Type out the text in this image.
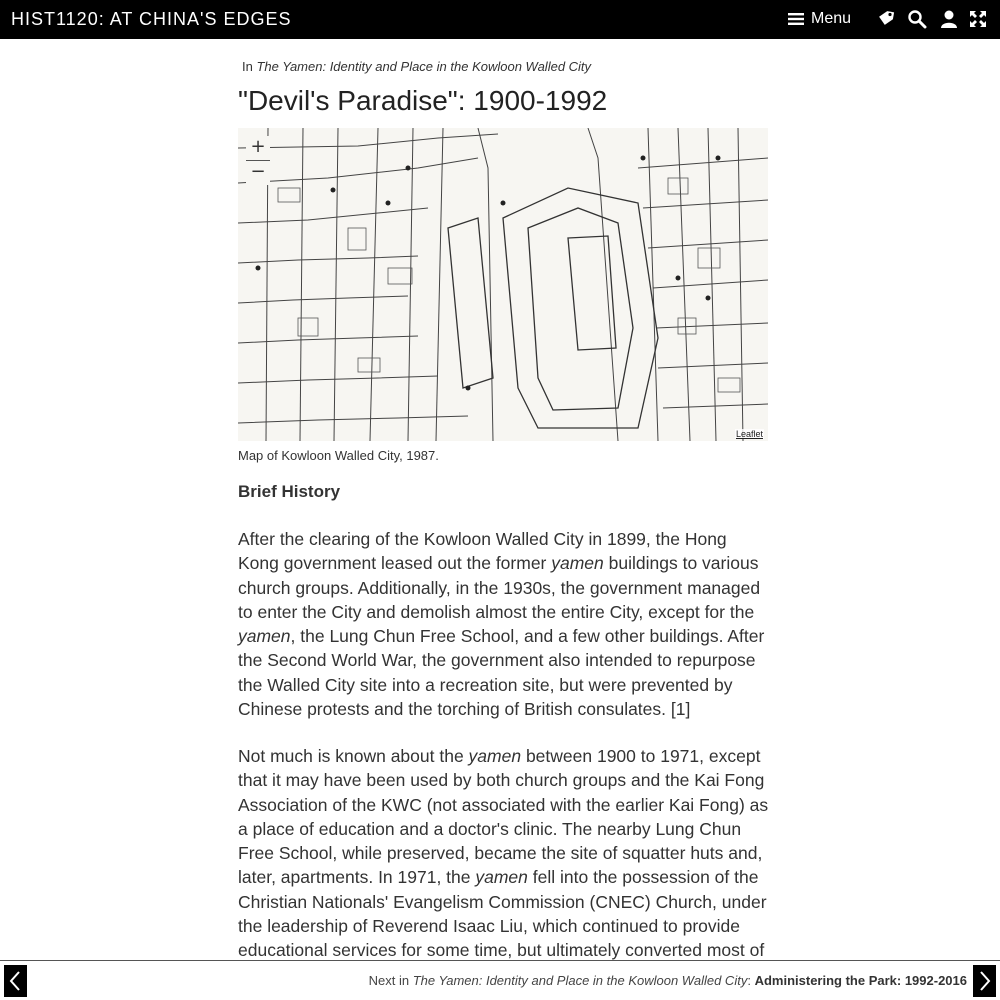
HIST1120: AT CHINA'S EDGES	Menu
In The Yamen: Identity and Place in the Kowloon Walled City
"Devil's Paradise": 1900-1992
+
−
Leaflet
Map of Kowloon Walled City, 1987.
Brief History

After the clearing of the Kowloon Walled City in 1899, the Hong Kong government leased out the former yamen buildings to various church groups. Additionally, in the 1930s, the government managed to enter the City and demolish almost the entire City, except for the yamen, the Lung Chun Free School, and a few other buildings. After the Second World War, the government also intended to repurpose the Walled City site into a recreation site, but were prevented by Chinese protests and the torching of British consulates. [1]

Not much is known about the yamen between 1900 to 1971, except that it may have been used by both church groups and the Kai Fong Association of the KWC (not associated with the earlier Kai Fong) as a place of education and a doctor's clinic. The nearby Lung Chun Free School, while preserved, became the site of squatter huts and, later, apartments. In 1971, the yamen fell into the possession of the Christian Nationals' Evangelism Commission (CNEC) Church, under the leadership of Reverend Isaac Liu, which continued to provide educational services for some time, but ultimately converted most of

Next in The Yamen: Identity and Place in the Kowloon Walled City: Administering the Park: 1992-2016
